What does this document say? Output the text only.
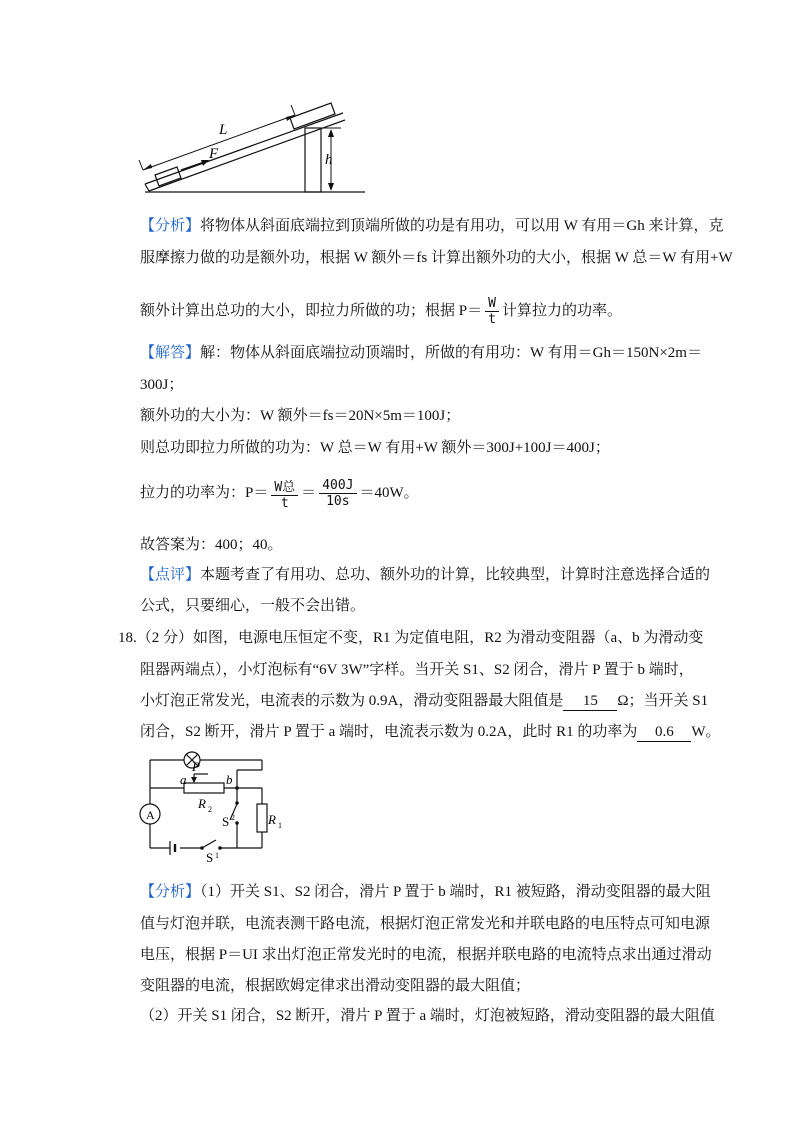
L
F	h
【分析】将物体从斜面底端拉到顶端所做的功是有用功，可以用 W 有用＝Gh 来计算，克
服摩擦力做的功是额外功，根据 W 额外＝fs 计算出额外功的大小，根据 W 总＝W 有用+W
额外计算出总功的大小，即拉力所做的功；根据 $P= \frac{W}{t}$ 计算拉力的功率。
【解答】解：物体从斜面底端拉动顶端时，所做的有用功：W 有用＝Gh＝150N×2m＝
300J；
额外功的大小为：W 额外＝fs＝20N×5m＝100J；
则总功即拉力所做的功为：W 总＝W 有用+W 额外＝300J+100J＝400J；
拉力的功率为：$P= \frac{\text{W总}}{t} = \frac{400J}{10s} =40W$。
故答案为：400；40。
【点评】本题考查了有用功、总功、额外功的计算，比较典型，计算时注意选择合适的
公式，只要细心，一般不会出错。
18.（2 分）如图，电源电压恒定不变，R1 为定值电阻，R2 为滑动变阻器（a、b 为滑动变
阻器两端点），小灯泡标有“6V 3W”字样。当开关 S1、S2 闭合，滑片 P 置于 b 端时，
小灯泡正常发光，电流表的示数为 0.9A，滑动变阻器最大阻值是 15 Ω；当开关 S1
闭合，S2 断开，滑片 P 置于 a 端时，电流表示数为 0.2A，此时 R1 的功率为 0.6 W。
a
P
b
R 2
A	S 2	R 1
S 1
【分析】（1）开关 S1、S2 闭合，滑片 P 置于 b 端时，R1 被短路，滑动变阻器的最大阻
值与灯泡并联，电流表测干路电流，根据灯泡正常发光和并联电路的电压特点可知电源
电压，根据 P＝UI 求出灯泡正常发光时的电流，根据并联电路的电流特点求出通过滑动
变阻器的电流，根据欧姆定律求出滑动变阻器的最大阻值；
（2）开关 S1 闭合，S2 断开，滑片 P 置于 a 端时，灯泡被短路，滑动变阻器的最大阻值
